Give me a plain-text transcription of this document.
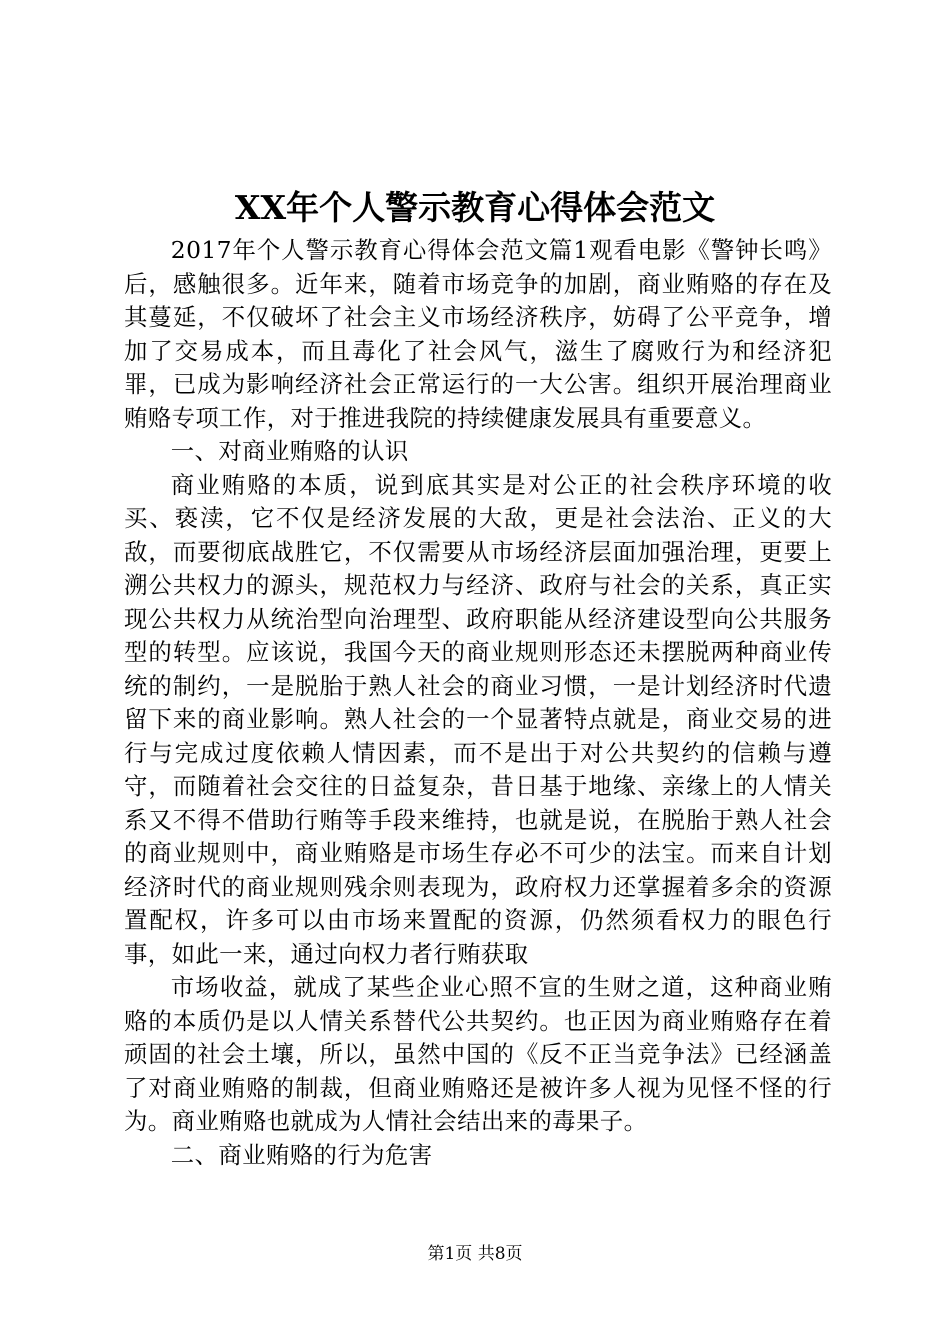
XX年个人警示教育心得体会范文

2017年个人警示教育心得体会范文篇1观看电影《警钟长鸣》后，感触很多。近年来，随着市场竞争的加剧，商业贿赂的存在及其蔓延，不仅破坏了社会主义市场经济秩序，妨碍了公平竞争，增加了交易成本，而且毒化了社会风气，滋生了腐败行为和经济犯罪，已成为影响经济社会正常运行的一大公害。组织开展治理商业贿赂专项工作，对于推进我院的持续健康发展具有重要意义。

一、对商业贿赂的认识

商业贿赂的本质，说到底其实是对公正的社会秩序环境的收买、亵渎，它不仅是经济发展的大敌，更是社会法治、正义的大敌，而要彻底战胜它，不仅需要从市场经济层面加强治理，更要上溯公共权力的源头，规范权力与经济、政府与社会的关系，真正实现公共权力从统治型向治理型、政府职能从经济建设型向公共服务型的转型。应该说，我国今天的商业规则形态还未摆脱两种商业传统的制约，一是脱胎于熟人社会的商业习惯，一是计划经济时代遗留下来的商业影响。熟人社会的一个显著特点就是，商业交易的进行与完成过度依赖人情因素，而不是出于对公共契约的信赖与遵守，而随着社会交往的日益复杂，昔日基于地缘、亲缘上的人情关系又不得不借助行贿等手段来维持，也就是说，在脱胎于熟人社会的商业规则中，商业贿赂是市场生存必不可少的法宝。而来自计划经济时代的商业规则残余则表现为，政府权力还掌握着多余的资源置配权，许多可以由市场来置配的资源，仍然须看权力的眼色行事，如此一来，通过向权力者行贿获取

市场收益，就成了某些企业心照不宣的生财之道，这种商业贿赂的本质仍是以人情关系替代公共契约。也正因为商业贿赂存在着顽固的社会土壤，所以，虽然中国的《反不正当竞争法》已经涵盖了对商业贿赂的制裁，但商业贿赂还是被许多人视为见怪不怪的行为。商业贿赂也就成为人情社会结出来的毒果子。

二、商业贿赂的行为危害

第1页 共8页
